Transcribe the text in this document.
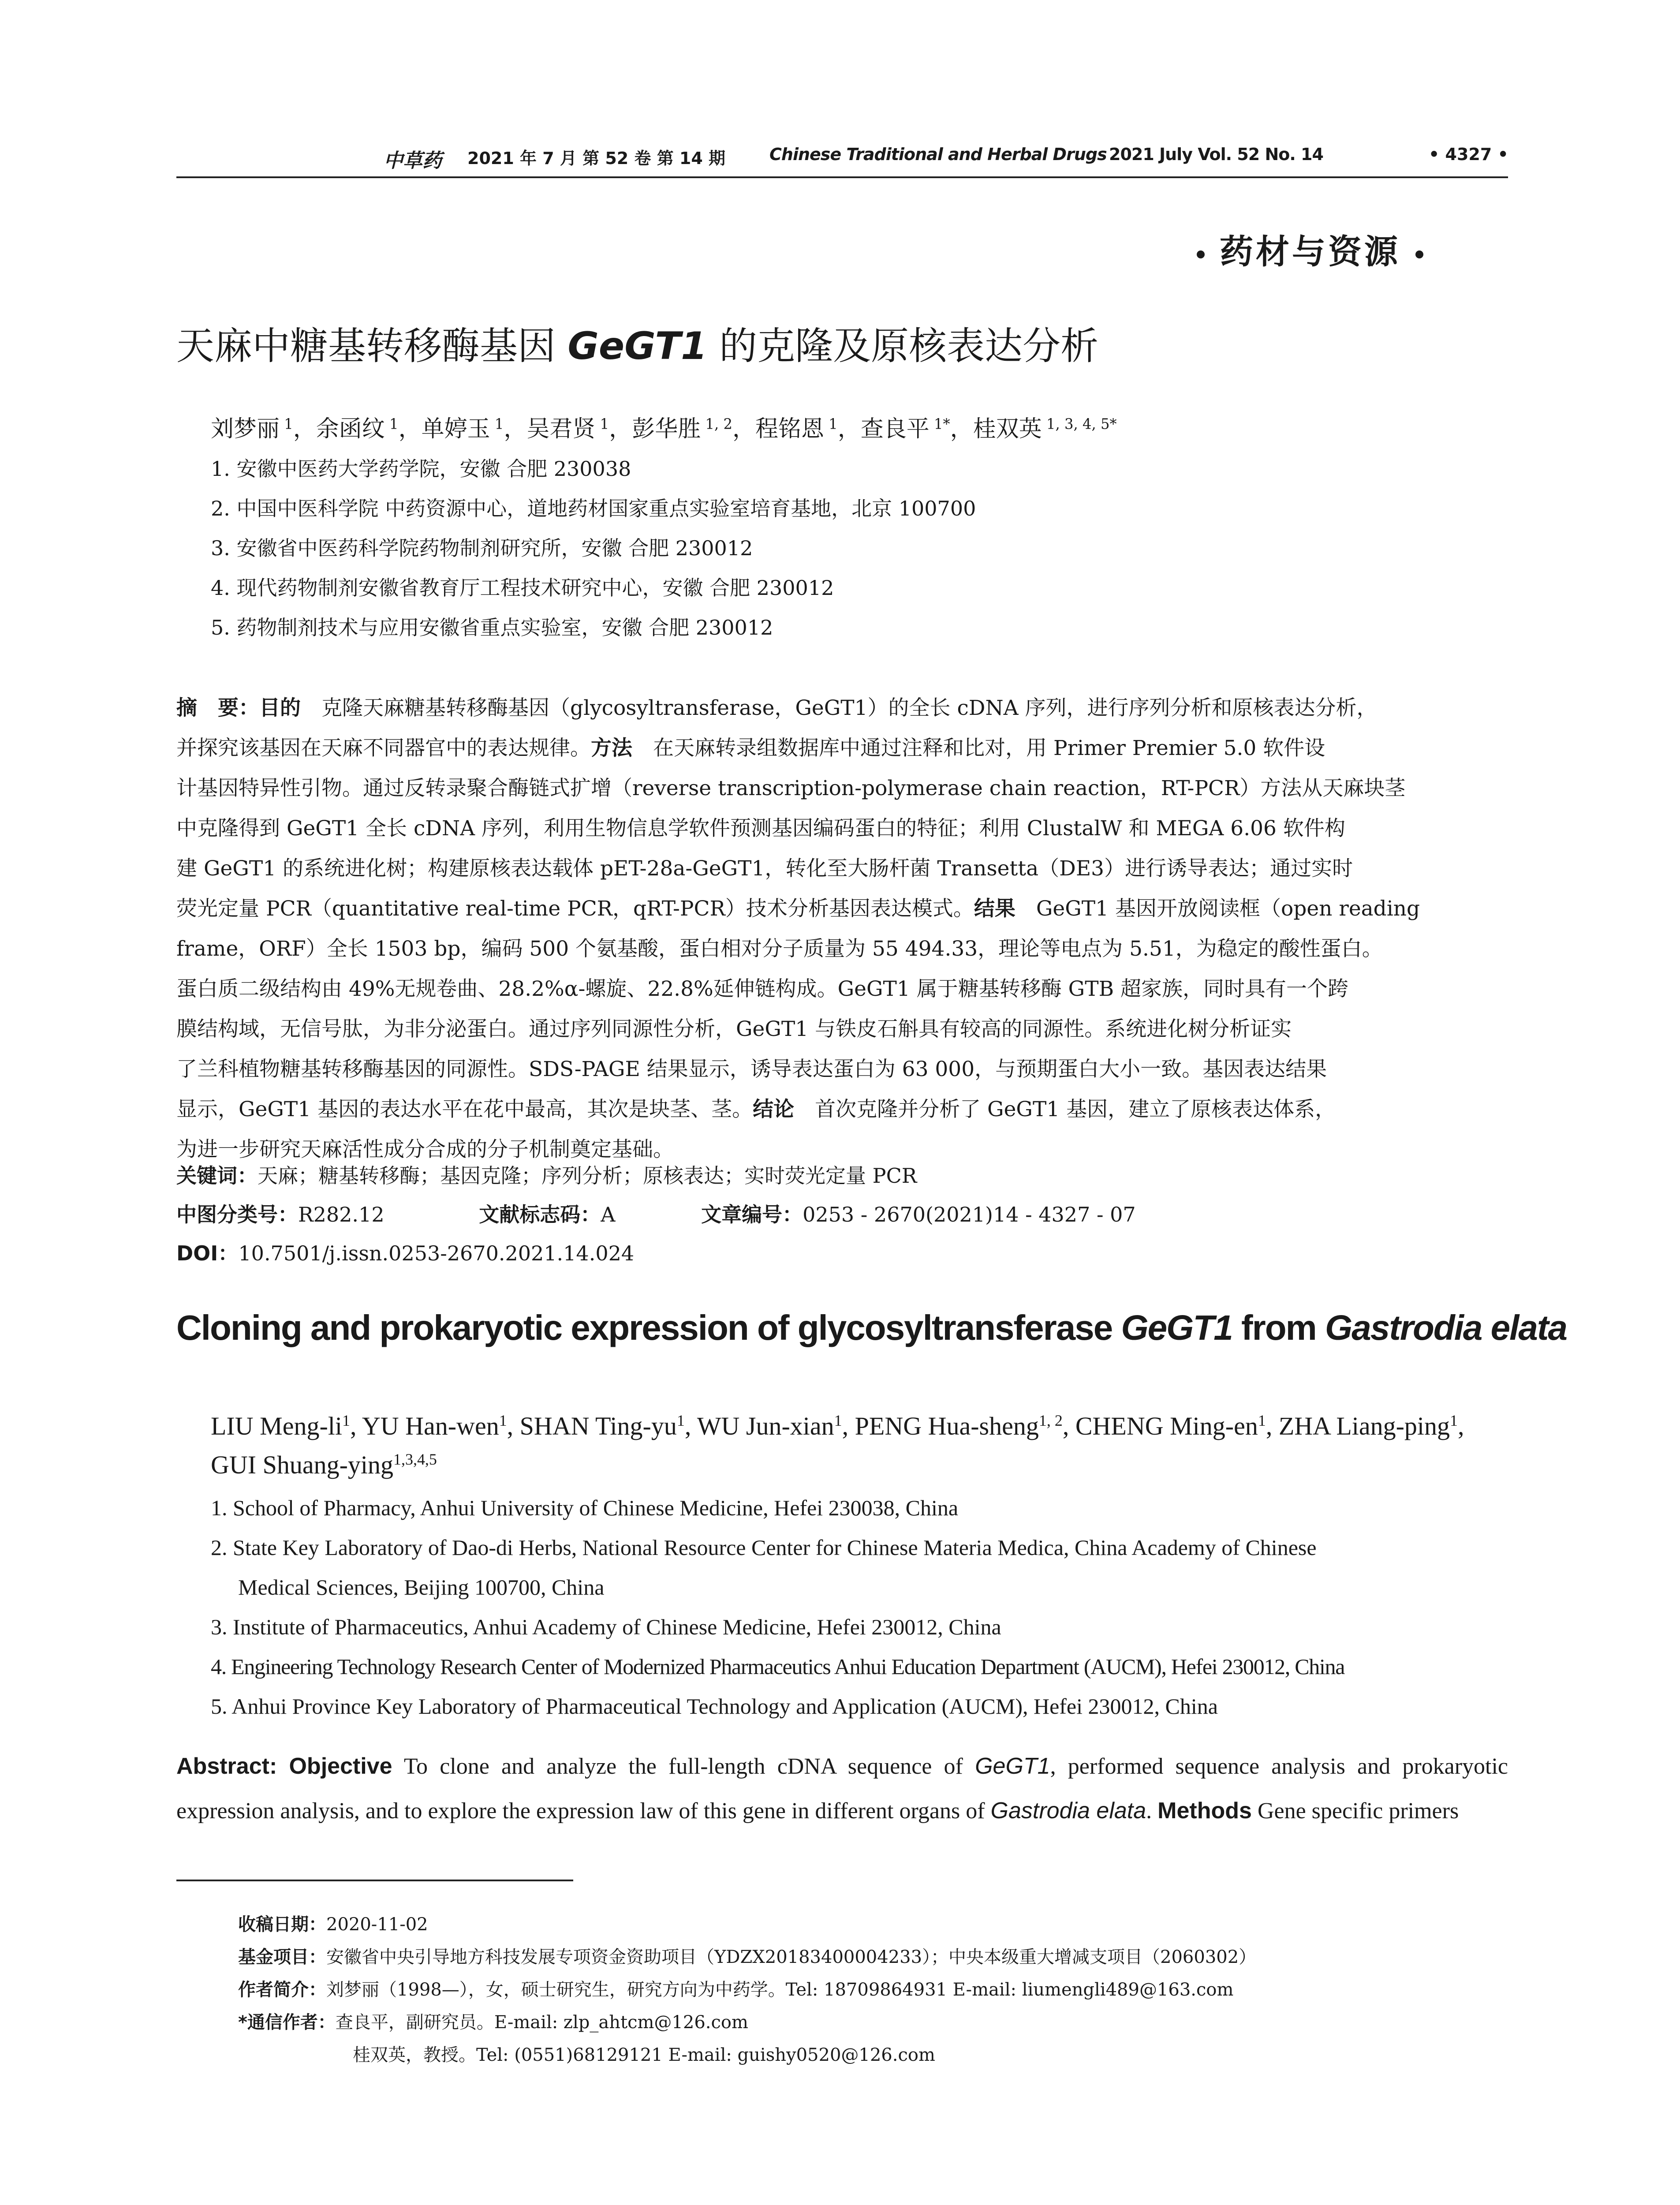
中草药 2021 年 7 月 第 52 卷 第 14 期	Chinese Traditional and Herbal Drugs 2021 July Vol. 52 No. 14	• 4327 •
药材与资源
天麻中糖基转移酶基因 GeGT1 的克隆及原核表达分析
刘梦丽 $^1$，余函纹 $^1$，单婷玉 $^1$，吴君贤 $^1$，彭华胜 $^{1, 2}$，程铭恩 $^1$，查良平 $^{1*}$，桂双英 $^{1, 3, 4, 5*}$
1. 安徽中医药大学药学院，安徽 合肥 230038
2. 中国中医科学院 中药资源中心，道地药材国家重点实验室培育基地，北京 100700
3. 安徽省中医药科学院药物制剂研究所，安徽 合肥 230012
4. 现代药物制剂安徽省教育厅工程技术研究中心，安徽 合肥 230012
5. 药物制剂技术与应用安徽省重点实验室，安徽 合肥 230012
摘　要：目的　克隆天麻糖基转移酶基因（glycosyltransferase，GeGT1）的全长 cDNA 序列，进行序列分析和原核表达分析，
并探究该基因在天麻不同器官中的表达规律。方法　在天麻转录组数据库中通过注释和比对，用 Primer Premier 5.0 软件设
计基因特异性引物。通过反转录聚合酶链式扩增（reverse transcription-polymerase chain reaction，RT-PCR）方法从天麻块茎
中克隆得到 GeGT1 全长 cDNA 序列，利用生物信息学软件预测基因编码蛋白的特征；利用 ClustalW 和 MEGA 6.06 软件构
建 GeGT1 的系统进化树；构建原核表达载体 pET-28a-GeGT1，转化至大肠杆菌 Transetta（DE3）进行诱导表达；通过实时
荧光定量 PCR（quantitative real-time PCR，qRT-PCR）技术分析基因表达模式。结果　GeGT1 基因开放阅读框（open reading
frame，ORF）全长 1503 bp，编码 500 个氨基酸，蛋白相对分子质量为 55 494.33，理论等电点为 5.51，为稳定的酸性蛋白。
蛋白质二级结构由 49%无规卷曲、28.2%α-螺旋、22.8%延伸链构成。GeGT1 属于糖基转移酶 GTB 超家族，同时具有一个跨
膜结构域，无信号肽，为非分泌蛋白。通过序列同源性分析，GeGT1 与铁皮石斛具有较高的同源性。系统进化树分析证实
了兰科植物糖基转移酶基因的同源性。SDS-PAGE 结果显示，诱导表达蛋白为 63 000，与预期蛋白大小一致。基因表达结果
显示，GeGT1 基因的表达水平在花中最高，其次是块茎、茎。结论　首次克隆并分析了 GeGT1 基因，建立了原核表达体系，
为进一步研究天麻活性成分合成的分子机制奠定基础。
关键词：天麻；糖基转移酶；基因克隆；序列分析；原核表达；实时荧光定量 PCR
中图分类号：R282.12	文献标志码：A	文章编号：0253 - 2670(2021)14 - 4327 - 07
DOI：10.7501/j.issn.0253-2670.2021.14.024
Cloning and prokaryotic expression of glycosyltransferase GeGT1 from Gastrodia elata
LIU Meng-$li^1$, YU Han-wen$^1$, SHAN Ting-$yu^1$, WU Jun-xian$^1$, PENG Hua-sheng$^{1, 2}$, CHENG Ming-$en^1$, ZHA Liang-ping$^1$, GUI Shuang-ying$^{1,3,4,5}$
1. School of Pharmacy, Anhui University of Chinese Medicine, Hefei 230038, China
2. State Key Laboratory of Dao-di Herbs, National Resource Center for Chinese Materia Medica, China Academy of Chinese
Medical Sciences, Beijing 100700, China
3. Institute of Pharmaceutics, Anhui Academy of Chinese Medicine, Hefei 230012, China
4. Engineering Technology Research Center of Modernized Pharmaceutics Anhui Education Department (AUCM), Hefei 230012, China
5. Anhui Province Key Laboratory of Pharmaceutical Technology and Application (AUCM), Hefei 230012, China
Abstract: Objective To clone and analyze the full-length cDNA sequence of GeGT1, performed sequence analysis and prokaryotic expression analysis, and to explore the expression law of this gene in different organs of Gastrodia elata. Methods Gene specific primers
收稿日期：2020-11-02
基金项目：安徽省中央引导地方科技发展专项资金资助项目（YDZX20183400004233）；中央本级重大增减支项目（2060302）
作者简介：刘梦丽（1998—），女，硕士研究生，研究方向为中药学。Tel: 18709864931 E-mail: liumengli489@163.com
*通信作者：查良平，副研究员。E-mail: zlp_ahtcm@126.com
桂双英，教授。Tel: (0551)68129121 E-mail: guishy0520@126.com
